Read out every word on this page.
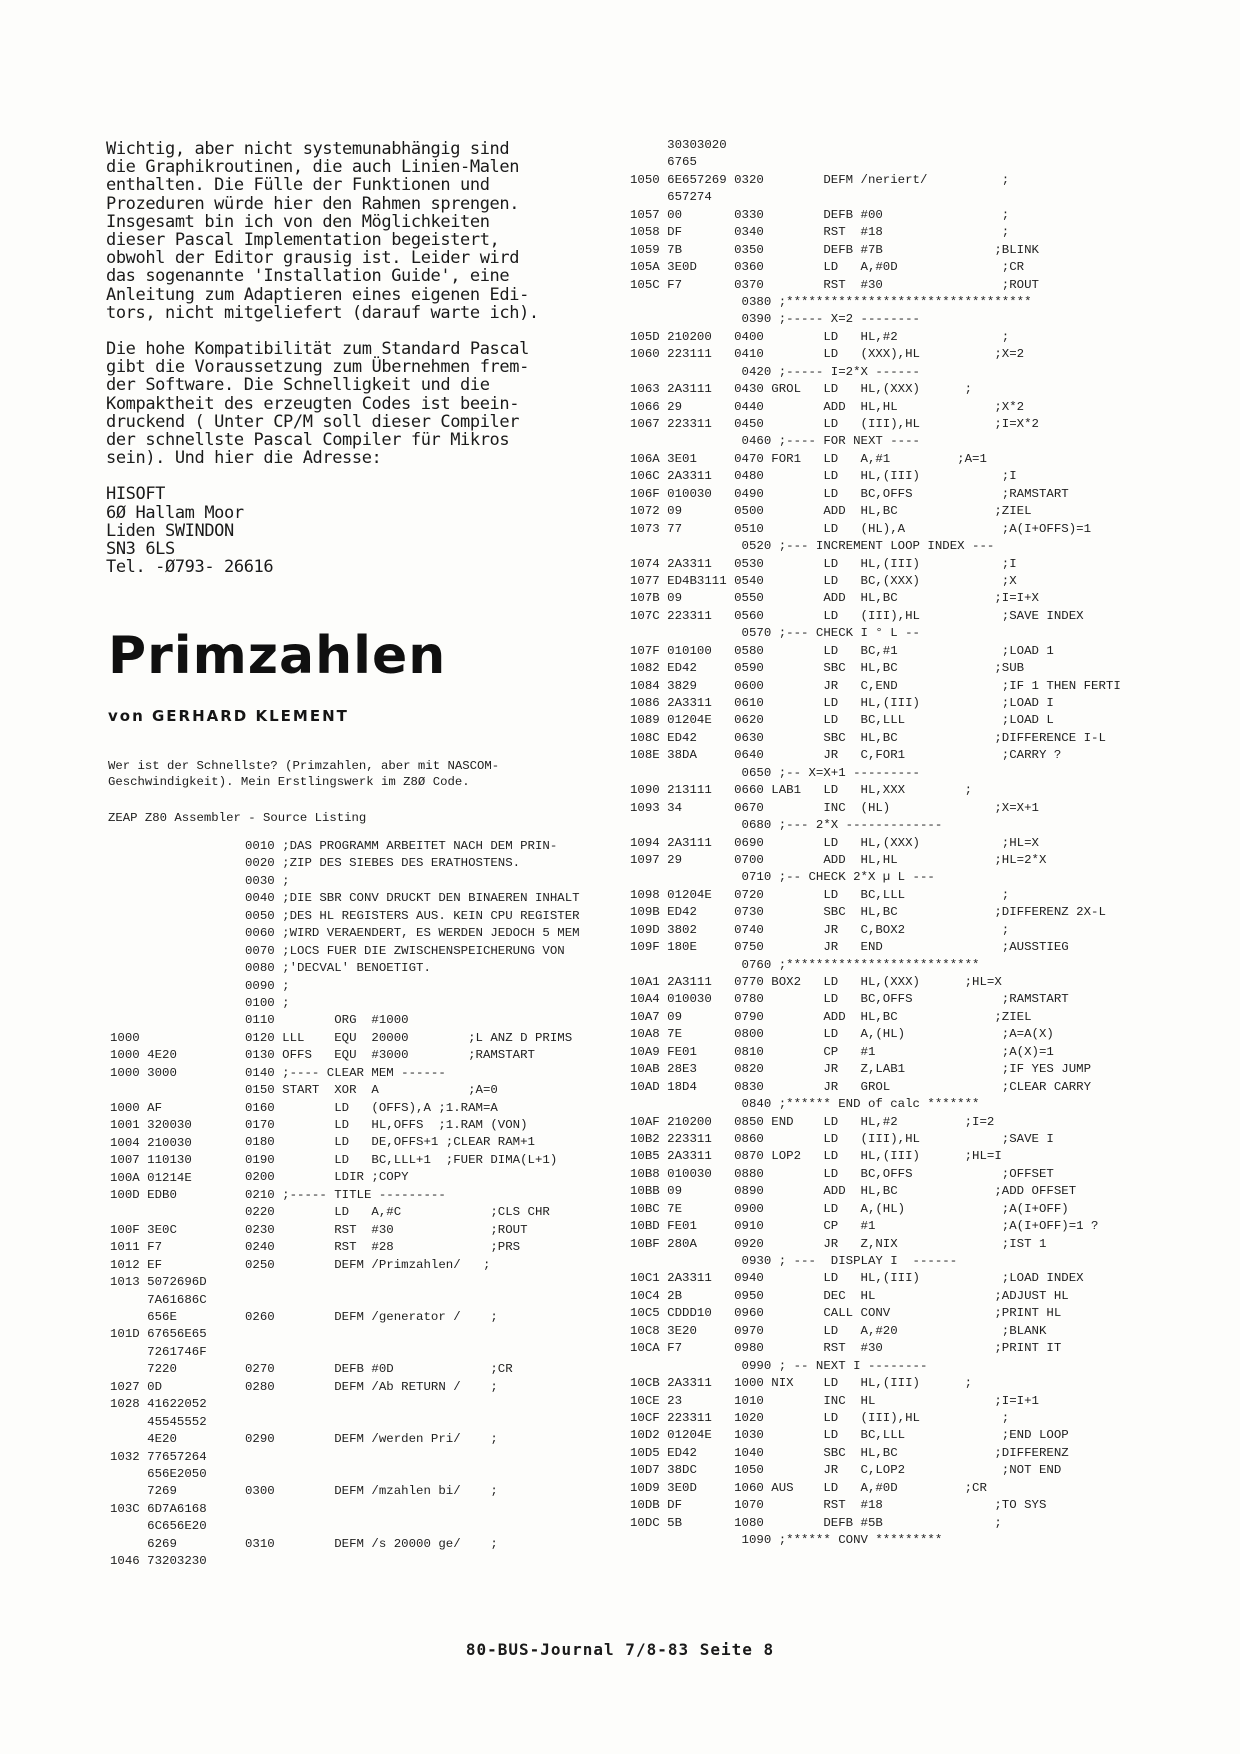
Wichtig, aber nicht systemunabhängig sind

die Graphikroutinen, die auch Linien-Malen

enthalten. Die Fülle der Funktionen und

Prozeduren würde hier den Rahmen sprengen.

Insgesamt bin ich von den Möglichkeiten

dieser Pascal Implementation begeistert,

obwohl der Editor grausig ist. Leider wird

das sogenannte 'Installation Guide', eine

Anleitung zum Adaptieren eines eigenen Edi-

tors, nicht mitgeliefert (darauf warte ich).

Die hohe Kompatibilität zum Standard Pascal

gibt die Voraussetzung zum Übernehmen frem-

der Software. Die Schnelligkeit und die

Kompaktheit des erzeugten Codes ist beein-

druckend ( Unter CP/M soll dieser Compiler

der schnellste Pascal Compiler für Mikros

sein). Und hier die Adresse:

HISOFT

6Ø Hallam Moor

Liden SWINDON

SN3 6LS

Tel. -Ø793- 26616

Primzahlen
von GERHARD KLEMENT

Wer ist der Schnellste? (Primzahlen, aber mit NASCOM-

Geschwindigkeit). Mein Erstlingswerk im Z8Ø Code.

ZEAP Z80 Assembler - Source Listing

1000
1000 4E20
1000 3000
1000 AF
1001 320030
1004 210030
1007 110130
100A 01214E
100D EDB0
100F 3E0C
1011 F7
1012 EF
1013 5072696D
7A61686C
656E
101D 67656E65
7261746F
7220
1027 0D
1028 41622052
45545552
4E20
1032 77657264
656E2050
7269
103C 6D7A6168
6C656E20
6269
1046 73203230
0010 ;DAS PROGRAMM ARBEITET NACH DEM PRIN-
0020 ;ZIP DES SIEBES DES ERATHOSTENS.
0030 ;
0040 ;DIE SBR CONV DRUCKT DEN BINAEREN INHALT
0050 ;DES HL REGISTERS AUS. KEIN CPU REGISTER
0060 ;WIRD VERAENDERT, ES WERDEN JEDOCH 5 MEM
0070 ;LOCS FUER DIE ZWISCHENSPEICHERUNG VON
0080 ;'DECVAL' BENOETIGT.
0090 ;
0100 ;
0110        ORG  #1000
0120 LLL    EQU  20000        ;L ANZ D PRIMS
0130 OFFS   EQU  #3000        ;RAMSTART
0140 ;---- CLEAR MEM ------
0150 START  XOR  A            ;A=0
0160        LD   (OFFS),A ;1.RAM=A
0170        LD   HL,OFFS  ;1.RAM (VON)
0180        LD   DE,OFFS+1 ;CLEAR RAM+1
0190        LD   BC,LLL+1  ;FUER DIMA(L+1)
0200        LDIR ;COPY
0210 ;----- TITLE ---------
0220        LD   A,#C            ;CLS CHR
0230        RST  #30             ;ROUT
0240        RST  #28             ;PRS
0250        DEFM /Primzahlen/   ;
0260        DEFM /generator /    ;
0270        DEFB #0D             ;CR
0280        DEFM /Ab RETURN /    ;
0290        DEFM /werden Pri/    ;
0300        DEFM /mzahlen bi/    ;
0310        DEFM /s 20000 ge/    ;
30303020
6765
1050 6E657269 0320        DEFM /neriert/          ;
657274
1057 00       0330        DEFB #00                ;
1058 DF       0340        RST  #18                ;
1059 7B       0350        DEFB #7B               ;BLINK
105A 3E0D     0360        LD   A,#0D              ;CR
105C F7       0370        RST  #30                ;ROUT
0380 ;*********************************
0390 ;----- X=2 --------
105D 210200   0400        LD   HL,#2              ;
1060 223111   0410        LD   (XXX),HL          ;X=2
0420 ;----- I=2*X ------
1063 2A3111   0430 GROL   LD   HL,(XXX)      ;
1066 29       0440        ADD  HL,HL             ;X*2
1067 223311   0450        LD   (III),HL          ;I=X*2
0460 ;---- FOR NEXT ----
106A 3E01     0470 FOR1   LD   A,#1         ;A=1
106C 2A3311   0480        LD   HL,(III)           ;I
106F 010030   0490        LD   BC,OFFS            ;RAMSTART
1072 09       0500        ADD  HL,BC             ;ZIEL
1073 77       0510        LD   (HL),A             ;A(I+OFFS)=1
0520 ;--- INCREMENT LOOP INDEX ---
1074 2A3311   0530        LD   HL,(III)           ;I
1077 ED4B3111 0540        LD   BC,(XXX)           ;X
107B 09       0550        ADD  HL,BC             ;I=I+X
107C 223311   0560        LD   (III),HL           ;SAVE INDEX
0570 ;--- CHECK I ° L --
107F 010100   0580        LD   BC,#1              ;LOAD 1
1082 ED42     0590        SBC  HL,BC             ;SUB
1084 3829     0600        JR   C,END              ;IF 1 THEN FERTI
1086 2A3311   0610        LD   HL,(III)           ;LOAD I
1089 01204E   0620        LD   BC,LLL             ;LOAD L
108C ED42     0630        SBC  HL,BC             ;DIFFERENCE I-L
108E 38DA     0640        JR   C,FOR1             ;CARRY ?
0650 ;-- X=X+1 ---------
1090 213111   0660 LAB1   LD   HL,XXX        ;
1093 34       0670        INC  (HL)              ;X=X+1
0680 ;--- 2*X -------------
1094 2A3111   0690        LD   HL,(XXX)           ;HL=X
1097 29       0700        ADD  HL,HL             ;HL=2*X
0710 ;-- CHECK 2*X µ L ---
1098 01204E   0720        LD   BC,LLL             ;
109B ED42     0730        SBC  HL,BC             ;DIFFERENZ 2X-L
109D 3802     0740        JR   C,BOX2             ;
109F 180E     0750        JR   END                ;AUSSTIEG
0760 ;**************************
10A1 2A3111   0770 BOX2   LD   HL,(XXX)      ;HL=X
10A4 010030   0780        LD   BC,OFFS            ;RAMSTART
10A7 09       0790        ADD  HL,BC             ;ZIEL
10A8 7E       0800        LD   A,(HL)             ;A=A(X)
10A9 FE01     0810        CP   #1                 ;A(X)=1
10AB 28E3     0820        JR   Z,LAB1             ;IF YES JUMP
10AD 18D4     0830        JR   GROL               ;CLEAR CARRY
0840 ;****** END of calc *******
10AF 210200   0850 END    LD   HL,#2         ;I=2
10B2 223311   0860        LD   (III),HL           ;SAVE I
10B5 2A3311   0870 LOP2   LD   HL,(III)      ;HL=I
10B8 010030   0880        LD   BC,OFFS            ;OFFSET
10BB 09       0890        ADD  HL,BC             ;ADD OFFSET
10BC 7E       0900        LD   A,(HL)             ;A(I+OFF)
10BD FE01     0910        CP   #1                 ;A(I+OFF)=1 ?
10BF 280A     0920        JR   Z,NIX              ;IST 1
0930 ; ---  DISPLAY I  ------
10C1 2A3311   0940        LD   HL,(III)           ;LOAD INDEX
10C4 2B       0950        DEC  HL                ;ADJUST HL
10C5 CDDD10   0960        CALL CONV              ;PRINT HL
10C8 3E20     0970        LD   A,#20              ;BLANK
10CA F7       0980        RST  #30               ;PRINT IT
0990 ; -- NEXT I --------
10CB 2A3311   1000 NIX    LD   HL,(III)      ;
10CE 23       1010        INC  HL                ;I=I+1
10CF 223311   1020        LD   (III),HL           ;
10D2 01204E   1030        LD   BC,LLL             ;END LOOP
10D5 ED42     1040        SBC  HL,BC             ;DIFFERENZ
10D7 38DC     1050        JR   C,LOP2             ;NOT END
10D9 3E0D     1060 AUS    LD   A,#0D         ;CR
10DB DF       1070        RST  #18               ;TO SYS
10DC 5B       1080        DEFB #5B               ;
1090 ;****** CONV *********
80-BUS-Journal 7/8-83 Seite 8
